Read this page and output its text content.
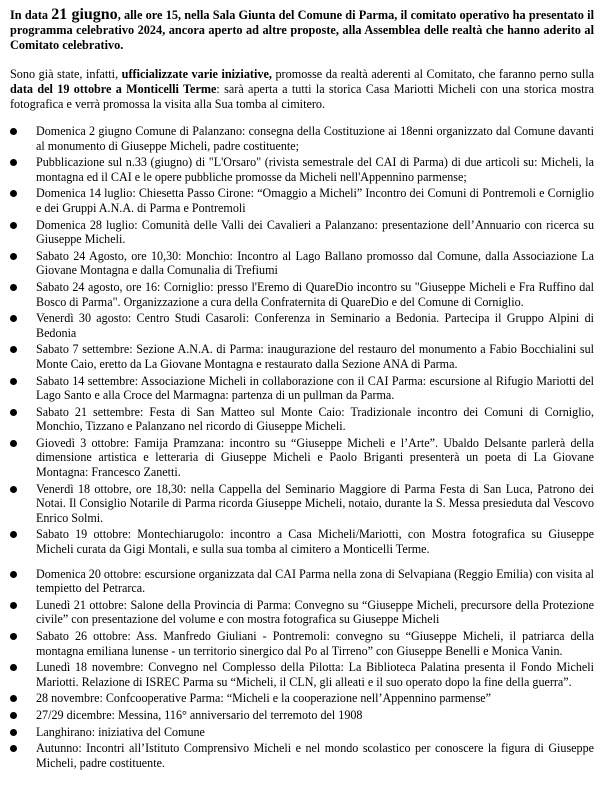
In data 21 giugno, alle ore 15, nella Sala Giunta del Comune di Parma, il comitato operativo ha presentato il programma celebrativo 2024, ancora aperto ad altre proposte, alla Assemblea delle realtà che hanno aderito al Comitato celebrativo.

Sono già state, infatti, ufficializzate varie iniziative, promosse da realtà aderenti al Comitato, che faranno perno sulla data del 19 ottobre a Monticelli Terme: sarà aperta a tutti la storica Casa Mariotti Micheli con una storica mostra fotografica e verrà promossa la visita alla Sua tomba al cimitero.

Domenica 2 giugno Comune di Palanzano: consegna della Costituzione ai 18enni organizzato dal Comune davanti al monumento di Giuseppe Micheli, padre costituente;
Pubblicazione sul n.33 (giugno) di "L'Orsaro" (rivista semestrale del CAI di Parma) di due articoli su: Micheli, la montagna ed il CAI e le opere pubbliche promosse da Micheli nell'Appennino parmense;
Domenica 14 luglio: Chiesetta Passo Cirone: “Omaggio a Micheli” Incontro dei Comuni di Pontremoli e Corniglio e dei Gruppi A.N.A. di Parma e Pontremoli
Domenica 28 luglio: Comunità delle Valli dei Cavalieri a Palanzano: presentazione dell’Annuario con ricerca su Giuseppe Micheli.
Sabato 24 Agosto, ore 10,30: Monchio: Incontro al Lago Ballano promosso dal Comune, dalla Associazione La Giovane Montagna e dalla Comunalia di Trefiumi
Sabato 24 agosto, ore 16: Corniglio: presso l'Eremo di QuareDio incontro su "Giuseppe Micheli e Fra Ruffino dal Bosco di Parma". Organizzazione a cura della Confraternita di QuareDio e del Comune di Corniglio.
Venerdì 30 agosto: Centro Studi Casaroli: Conferenza in Seminario a Bedonia. Partecipa il Gruppo Alpini di Bedonia
Sabato 7 settembre: Sezione A.N.A. di Parma: inaugurazione del restauro del monumento a Fabio Bocchialini sul Monte Caio, eretto da La Giovane Montagna e restaurato dalla Sezione ANA di Parma.
Sabato 14 settembre: Associazione Micheli in collaborazione con il CAI Parma: escursione al Rifugio Mariotti del Lago Santo e alla Croce del Marmagna: partenza di un pullman da Parma.
Sabato 21 settembre: Festa di San Matteo sul Monte Caio: Tradizionale incontro dei Comuni di Corniglio, Monchio, Tizzano e Palanzano nel ricordo di Giuseppe Micheli.
Giovedì 3 ottobre: Famija Pramzana: incontro su “Giuseppe Micheli e l’Arte”. Ubaldo Delsante parlerà della dimensione artistica e letteraria di Giuseppe Micheli e Paolo Briganti presenterà un poeta di La Giovane Montagna: Francesco Zanetti.
Venerdì 18 ottobre, ore 18,30: nella Cappella del Seminario Maggiore di Parma Festa di San Luca, Patrono dei Notai. Il Consiglio Notarile di Parma ricorda Giuseppe Micheli, notaio, durante la S. Messa presieduta dal Vescovo Enrico Solmi.
Sabato 19 ottobre: Montechiarugolo: incontro a Casa Micheli/Mariotti, con Mostra fotografica su Giuseppe Micheli curata da Gigi Montali, e sulla sua tomba al cimitero a Monticelli Terme.
Domenica 20 ottobre: escursione organizzata dal CAI Parma nella zona di Selvapiana (Reggio Emilia) con visita al tempietto del Petrarca.
Lunedì 21 ottobre: Salone della Provincia di Parma: Convegno su “Giuseppe Micheli, precursore della Protezione civile” con presentazione del volume e con mostra fotografica su Giuseppe Micheli
Sabato 26 ottobre: Ass. Manfredo Giuliani - Pontremoli: convegno su “Giuseppe Micheli, il patriarca della montagna emiliana lunense - un territorio sinergico dal Po al Tirreno” con Giuseppe Benelli e Monica Vanin.
Lunedì 18 novembre: Convegno nel Complesso della Pilotta: La Biblioteca Palatina presenta il Fondo Micheli Mariotti. Relazione di ISREC Parma su “Micheli, il CLN, gli alleati e il suo operato dopo la fine della guerra”.
28 novembre: Confcooperative Parma: “Micheli e la cooperazione nell’Appennino parmense”
27/29 dicembre: Messina, 116° anniversario del terremoto del 1908
Langhirano: iniziativa del Comune
Autunno: Incontri all’Istituto Comprensivo Micheli e nel mondo scolastico per conoscere la figura di Giuseppe Micheli, padre costituente.
